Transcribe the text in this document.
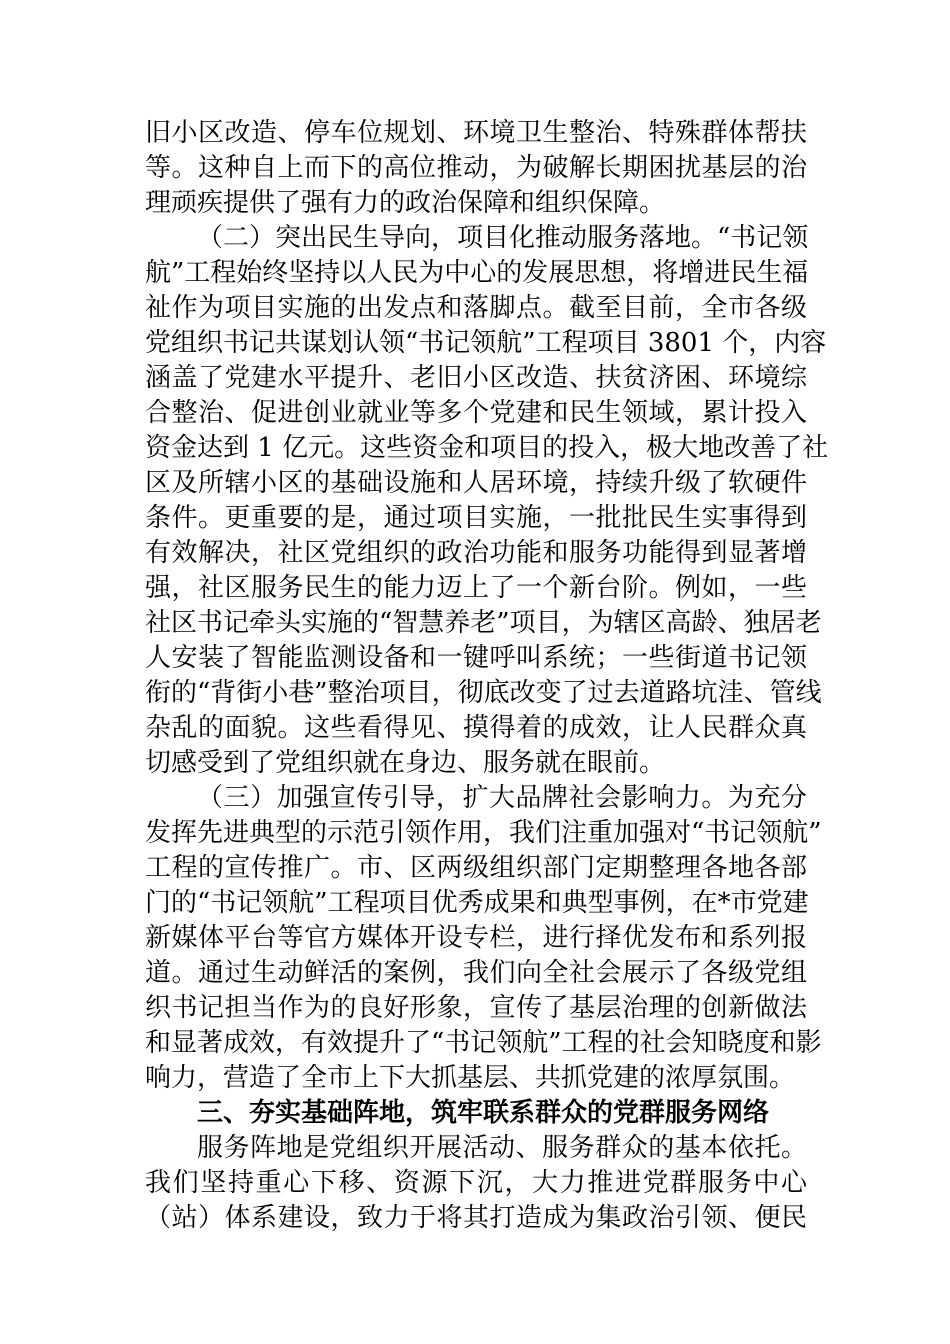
旧小区改造、停车位规划、环境卫生整治、特殊群体帮扶
等。这种自上而下的高位推动，为破解长期困扰基层的治
理顽疾提供了强有力的政治保障和组织保障。
（二）突出民生导向，项目化推动服务落地。“书记领
航”工程始终坚持以人民为中心的发展思想，将增进民生福
祉作为项目实施的出发点和落脚点。截至目前，全市各级
党组织书记共谋划认领“书记领航”工程项目 3801 个，内容
涵盖了党建水平提升、老旧小区改造、扶贫济困、环境综
合整治、促进创业就业等多个党建和民生领域，累计投入
资金达到 1 亿元。这些资金和项目的投入，极大地改善了社
区及所辖小区的基础设施和人居环境，持续升级了软硬件
条件。更重要的是，通过项目实施，一批批民生实事得到
有效解决，社区党组织的政治功能和服务功能得到显著增
强，社区服务民生的能力迈上了一个新台阶。例如，一些
社区书记牵头实施的“智慧养老”项目，为辖区高龄、独居老
人安装了智能监测设备和一键呼叫系统；一些街道书记领
衔的“背街小巷”整治项目，彻底改变了过去道路坑洼、管线
杂乱的面貌。这些看得见、摸得着的成效，让人民群众真
切感受到了党组织就在身边、服务就在眼前。
（三）加强宣传引导，扩大品牌社会影响力。为充分
发挥先进典型的示范引领作用，我们注重加强对“书记领航”
工程的宣传推广。市、区两级组织部门定期整理各地各部
门的“书记领航”工程项目优秀成果和典型事例，在*市党建
新媒体平台等官方媒体开设专栏，进行择优发布和系列报
道。通过生动鲜活的案例，我们向全社会展示了各级党组
织书记担当作为的良好形象，宣传了基层治理的创新做法
和显著成效，有效提升了“书记领航”工程的社会知晓度和影
响力，营造了全市上下大抓基层、共抓党建的浓厚氛围。
三、夯实基础阵地，筑牢联系群众的党群服务网络
服务阵地是党组织开展活动、服务群众的基本依托。
我们坚持重心下移、资源下沉，大力推进党群服务中心
（站）体系建设，致力于将其打造成为集政治引领、便民
